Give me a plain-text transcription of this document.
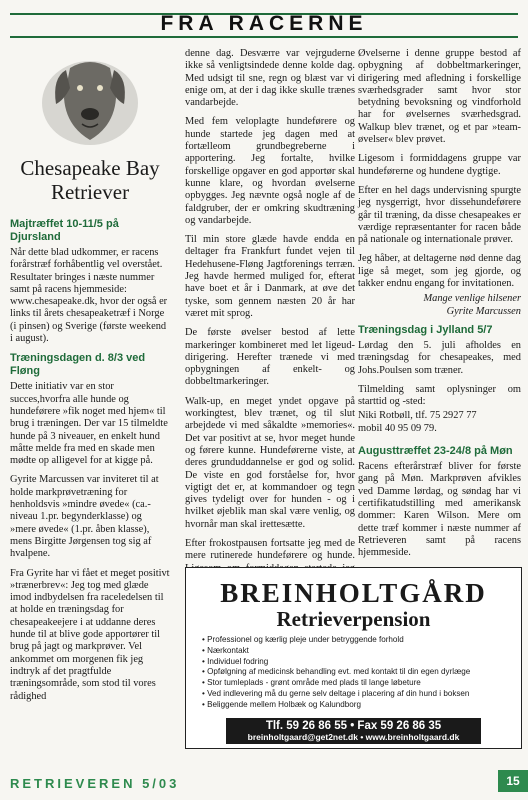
FRA RACERNE
Chesapeake Bay
Retriever
Majtræffet 10-11/5 på Djursland

Når dette blad udkommer, er racens forårstræf forhåbentlig vel overstået. Resultater bringes i næste nummer samt på racens hjemmeside: www.chesapeake.dk, hvor der også er links til årets chesapeaketræf i Norge (i pinsen) og Sverige (første weekend i august).

Træningsdagen d. 8/3 ved Fløng

Dette initiativ var en stor succes,hvorfra alle hunde og hundeførere »fik noget med hjem« til brug i træningen. Der var 15 tilmeldte hunde på 3 niveauer, en enkelt hund måtte melde fra med en skade men mødte op alligevel for at kigge på.

Gyrite Marcussen var inviteret til at holde markprøvetræning for henholdsvis »mindre øvede« (ca.-niveau 1.pr. begynderklasse) og »mere øvede« (1.pr. åben klasse), mens Birgitte Jørgensen tog sig af hvalpene.

Fra Gyrite har vi fået et meget positivt »trænerbrev«: Jeg tog med glæde imod indbydelsen fra raceledelsen til at holde en træningsdag for chesapeakeejere i at uddanne deres hunde til at blive gode apportører til brug på jagt og markprøver. Vel ankommet om morgenen fik jeg indtryk af det pragtfulde træningsområde, som stod til vores rådighed

denne dag. Desværre var vejrguderne ikke så venligtsindede denne kolde dag. Med udsigt til sne, regn og blæst var vi enige om, at der i dag ikke skulle trænes vandarbejde.

Med fem veloplagte hundeførere og hunde startede jeg dagen med at fortælleom grundbegreberne i apportering. Jeg fortalte, hvilke forskellige opgaver en god apportør skal kunne klare, og hvordan øvelserne opbygges. Jeg nævnte også nogle af de faldgruber, der er omkring skudtræning og vandarbejde.

Til min store glæde havde endda en deltager fra Frankfurt fundet vejen til Hedehusene-Fløng Jagtforenings terræn. Jeg havde hermed muliged for, efterat have boet et år i Danmark, at øve det tyske, som gennem næsten 20 år har været mit sprog.

De første øvelser bestod af lette markeringer kombineret med let ligeud-dirigering. Herefter trænede vi med opbygningen af enkelt- og dobbeltmarkeringer.

Walk-up, en meget yndet opgave på workingtest, blev trænet, og til slut arbejdede vi med såkaldte »memories«. Det var positivt at se, hvor meget hunde og førere kunne. Hundeførerne viste, at deres grunduddannelse er god og solid. De viste en god forståelse for, hvor vigtigt det er, at kommandoer og tegn gives tydeligt over for hunden - og i hvilket øjeblik man skal være venlig, og hvornår man skal irettesætte.

Efter frokostpausen fortsatte jeg med de mere rutinerede hundeførere og hunde.

Øvelserne i denne gruppe bestod af opbygning af dobbeltmarkeringer, dirigering med afledning i forskellige sværhedsgrader samt hvor stor betydning bevoksning og vindforhold har for øvelsernes sværhedsgrad. Walkup blev trænet, og et par »team-øvelser« blev prøvet.

Ligesom i formiddagens gruppe var hundeførerne og hundene dygtige.

Efter en hel dags undervisning spurgte jeg nysgerrigt, hvor dissehundeførere går til træning, da disse chesapeakes er værdige repræsentanter for racen både på nationale og internationale prøver.

Jeg håber, at deltagerne nød denne dag lige så meget, som jeg gjorde, og takker endnu engang for invitationen.

Mange venlige hilsener
Gyrite Marcussen
Træningsdag i Jylland 5/7

Lørdag den 5. juli afholdes en træningsdag for chesapeakes, med Johs.Poulsen som træner.

Tilmelding samt oplysninger om starttid og -sted:

Niki Rotbøll, tlf. 75 2927 77

mobil 40 95 09 79.

Augusttræffet 23-24/8 på Møn

Racens efterårstræf bliver for første gang på Møn. Markprøven afvikles ved Damme lørdag, og søndag har vi certifikatudstilling med amerikansk dommer: Karen Wilson. Mere om dette træf kommer i næste nummer af Retrieveren samt på racens hjemmeside.

BREINHOLTGÅRD
Retrieverpension
• Professionel og kærlig pleje under betryggende forhold
• Nærkontakt
• Individuel fodring
• Opfølgning af medicinsk behandling evt. med kontakt til din egen dyrlæge
• Stor tumleplads - grønt område med plads til lange løbeture
• Ved indlevering må du gerne selv deltage i placering af din hund i boksen
• Beliggende mellem Holbæk og Kalundborg
Tlf. 59 26 86 55 • Fax 59 26 86 35
breinholtgaard@get2net.dk • www.breinholtgaard.dk
RETRIEVEREN 5/03	15
